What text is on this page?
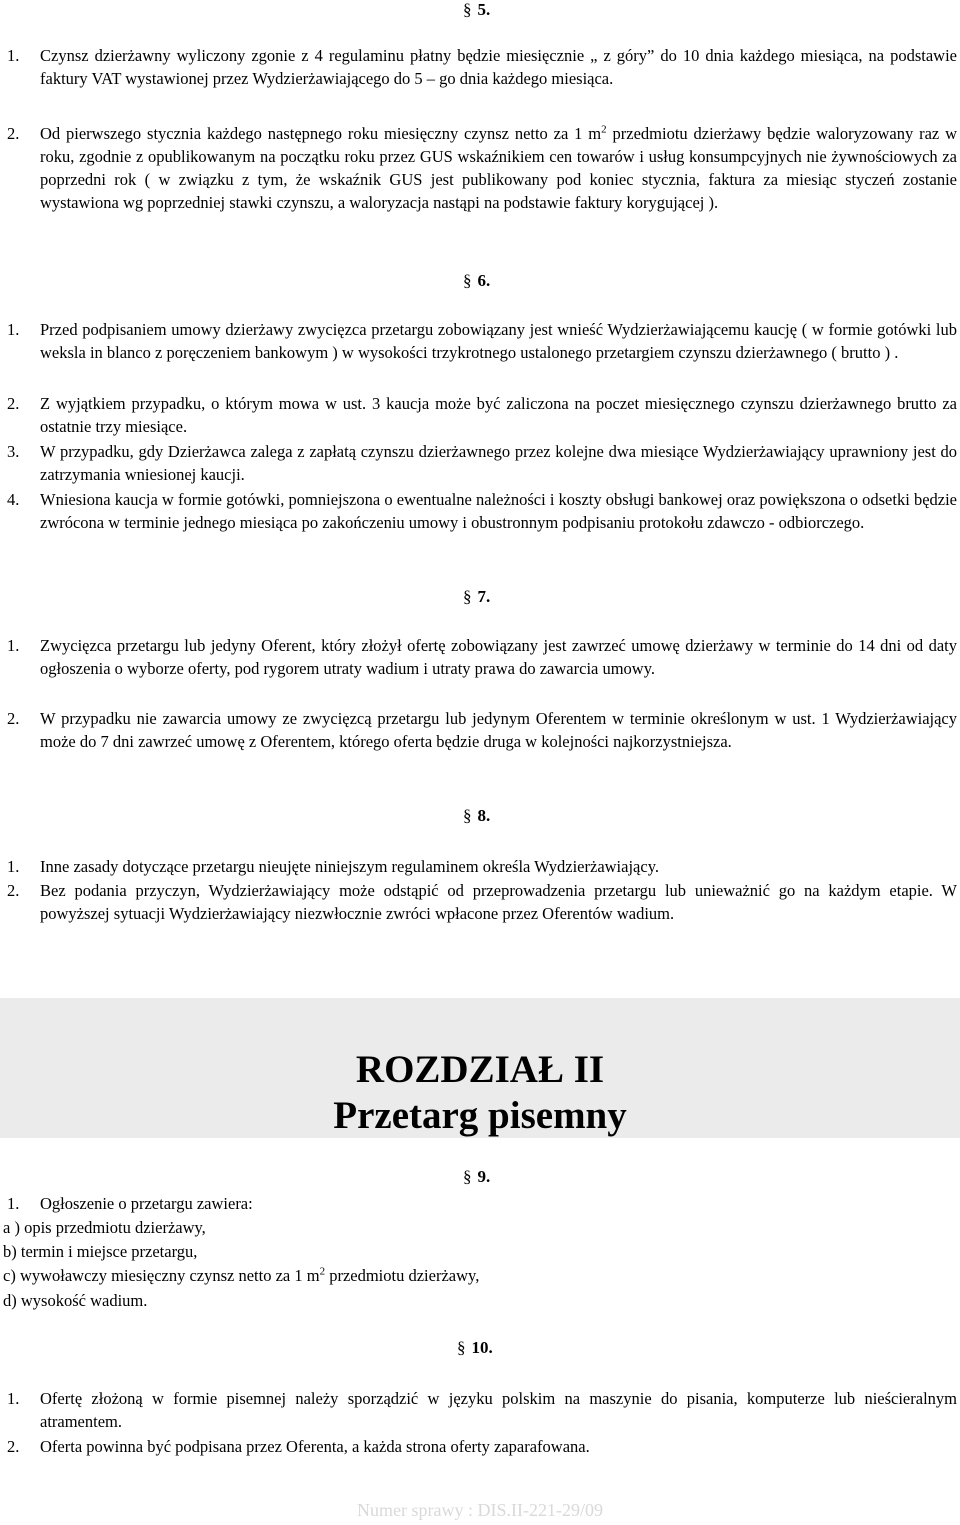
§ 5.
1. Czynsz dzierżawny wyliczony zgonie z 4 regulaminu płatny będzie miesięcznie „ z góry” do 10 dnia każdego miesiąca, na podstawie faktury VAT wystawionej przez Wydzierżawiającego do 5 – go dnia każdego miesiąca.
2. Od pierwszego stycznia każdego następnego roku miesięczny czynsz netto za 1 $m^2$ przedmiotu dzierżawy będzie waloryzowany raz w roku, zgodnie z opublikowanym na początku roku przez GUS wskaźnikiem cen towarów i usług konsumpcyjnych nie żywnościowych za poprzedni rok ( w związku z tym, że wskaźnik GUS jest publikowany pod koniec stycznia, faktura za miesiąc styczeń zostanie wystawiona wg poprzedniej stawki czynszu, a waloryzacja nastąpi na podstawie faktury korygującej ).
§ 6.
1. Przed podpisaniem umowy dzierżawy zwycięzca przetargu zobowiązany jest wnieść Wydzierżawiającemu kaucję ( w formie gotówki lub weksla in blanco z poręczeniem bankowym ) w wysokości trzykrotnego ustalonego przetargiem czynszu dzierżawnego ( brutto ) .
2. Z wyjątkiem przypadku, o którym mowa w ust. 3 kaucja może być zaliczona na poczet miesięcznego czynszu dzierżawnego brutto za ostatnie trzy miesiące.
3. W przypadku, gdy Dzierżawca zalega z zapłatą czynszu dzierżawnego przez kolejne dwa miesiące Wydzierżawiający uprawniony jest do zatrzymania wniesionej kaucji.
4. Wniesiona kaucja w formie gotówki, pomniejszona o ewentualne należności i koszty obsługi bankowej oraz powiększona o odsetki będzie zwrócona w terminie jednego miesiąca po zakończeniu umowy i obustronnym podpisaniu protokołu zdawczo - odbiorczego.
§ 7.
1. Zwycięzca przetargu lub jedyny Oferent, który złożył ofertę zobowiązany jest zawrzeć umowę dzierżawy w terminie do 14 dni od daty ogłoszenia o wyborze oferty, pod rygorem utraty wadium i utraty prawa do zawarcia umowy.
2. W przypadku nie zawarcia umowy ze zwycięzcą przetargu lub jedynym Oferentem w terminie określonym w ust. 1 Wydzierżawiający może do 7 dni zawrzeć umowę z Oferentem, którego oferta będzie druga w kolejności najkorzystniejsza.
§ 8.
1. Inne zasady dotyczące przetargu nieujęte niniejszym regulaminem określa Wydzierżawiający.
2. Bez podania przyczyn, Wydzierżawiający może odstąpić od przeprowadzenia przetargu lub unieważnić go na każdym etapie. W powyższej sytuacji Wydzierżawiający niezwłocznie zwróci wpłacone przez Oferentów wadium.
ROZDZIAŁ II
Przetarg pisemny
§ 9.
1. Ogłoszenie o przetargu zawiera:
a ) opis przedmiotu dzierżawy,
b) termin i miejsce przetargu,
c) wywoławczy miesięczny czynsz netto za 1 $m^2$ przedmiotu dzierżawy,
d) wysokość wadium.
§ 10.
1. Ofertę złożoną w formie pisemnej należy sporządzić w języku polskim na maszynie do pisania, komputerze lub nieścieralnym atramentem.
2. Oferta powinna być podpisana przez Oferenta, a każda strona oferty zaparafowana.
Numer sprawy : DIS.II-221-29/09
